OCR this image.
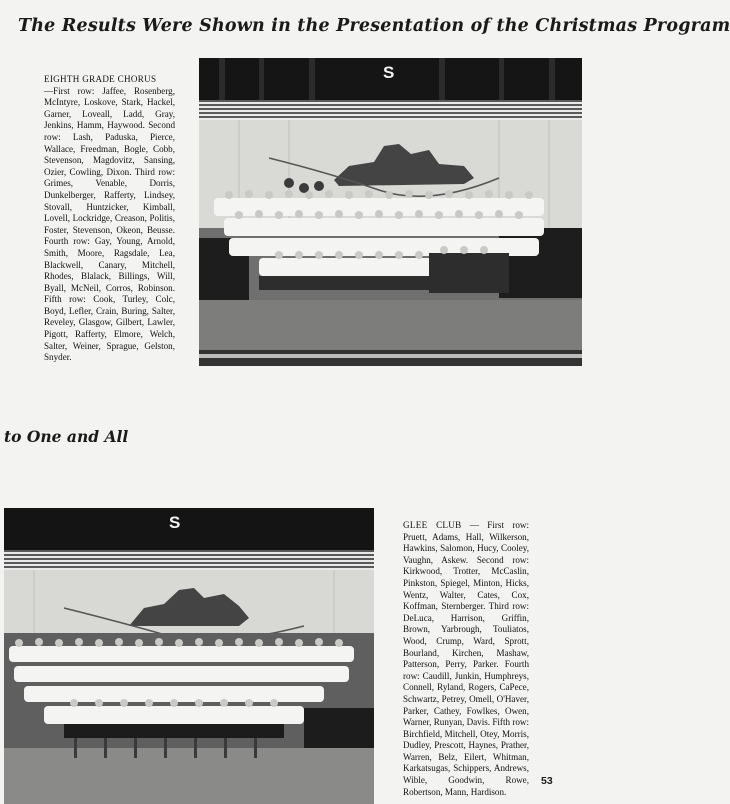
The Results Were Shown in the Presentation of the Christmas Program
EIGHTH GRADE CHORUS
—First row: Jaffee, Rosenberg, McIntyre, Loskove, Stark, Hackel, Garner, Loveall, Ladd, Gray, Jenkins, Hamm, Haywood. Second row: Lash, Paduska, Pierce, Wallace, Freedman, Bogle, Cobb, Stevenson, Magdovitz, Sansing, Ozier, Cowling, Dixon. Third row: Grimes, Venable, Dorris, Dunkelberger, Rafferty, Lindsey, Stovall, Huntzicker, Kimball, Lovell, Lockridge, Creason, Politis, Foster, Stevenson, Okeon, Beusse. Fourth row: Gay, Young, Arnold, Smith, Moore, Ragsdale, Lea, Blackwell, Canary, Mitchell, Rhodes, Blalack, Billings, Will, Byall, McNeil, Corros, Robinson. Fifth row: Cook, Turley, Colc, Boyd, Lefler, Crain, Buring, Salter, Reveley, Glasgow, Gilbert, Lawler, Pigott, Rafferty, Elmore, Welch, Salter, Weiner, Sprague, Gelston, Snyder.
S
to One and All
S	GLEE CLUB — First row: Pruett, Adams, Hall, Wilkerson, Hawkins, Salomon, Hucy, Cooley, Vaughn, Askew. Second row: Kirkwood, Trotter, McCaslin, Pinkston, Spiegel, Minton, Hicks, Wentz, Walter, Cates, Cox, Koffman, Sternberger. Third row: DeLuca, Harrison, Griffin, Brown, Yarbrough, Touliatos, Wood, Crump, Ward, Sprott, Bourland, Kirchen, Mashaw, Patterson, Perry, Parker. Fourth row: Caudill, Junkin, Humphreys, Connell, Ryland, Rogers, CaPece, Schwartz, Petrey, Omell, O'Haver, Parker, Cathey, Fowlkes, Owen, Warner, Runyan, Davis. Fifth row: Birchfield, Mitchell, Otey, Morris, Dudley, Prescott, Haynes, Prather, Warren, Belz, Eilert, Whitman, Karkatsugas, Schippers, Andrews, Wible, Goodwin, Rowe, Robertson, Mann, Hardison.
53
